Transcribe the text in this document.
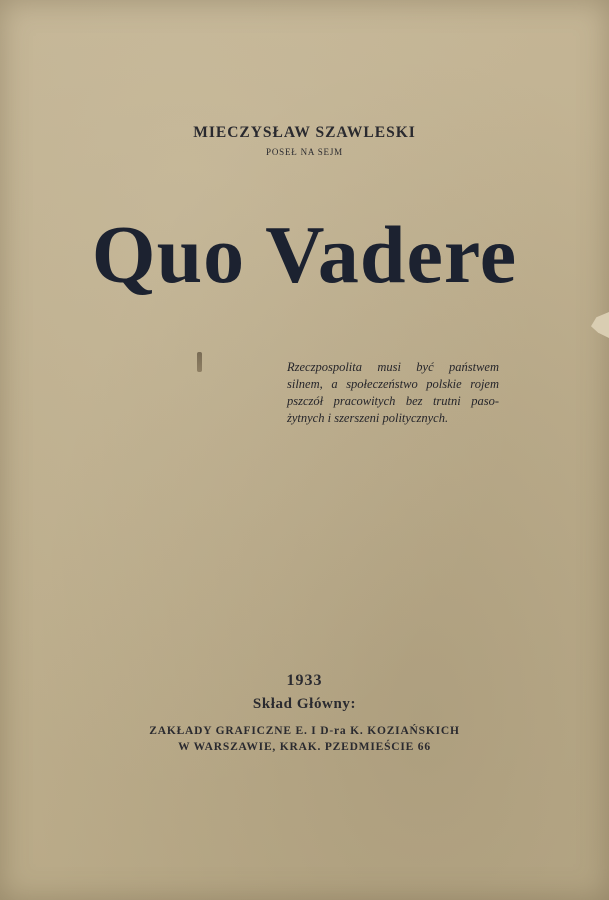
MIECZYSŁAW SZAWLESKI
POSEŁ NA SEJM
Quo Vadere
Rzeczpospolita musi być państwem
silnem, a społeczeństwo polskie rojem
pszczół pracowitych bez trutni paso-
żytnych i szerszeni politycznych.
1933
Skład Główny:
ZAKŁADY GRAFICZNE E. I D-ra K. KOZIAŃSKICH
W WARSZAWIE, KRAK. PZEDMIEŚCIE 66
